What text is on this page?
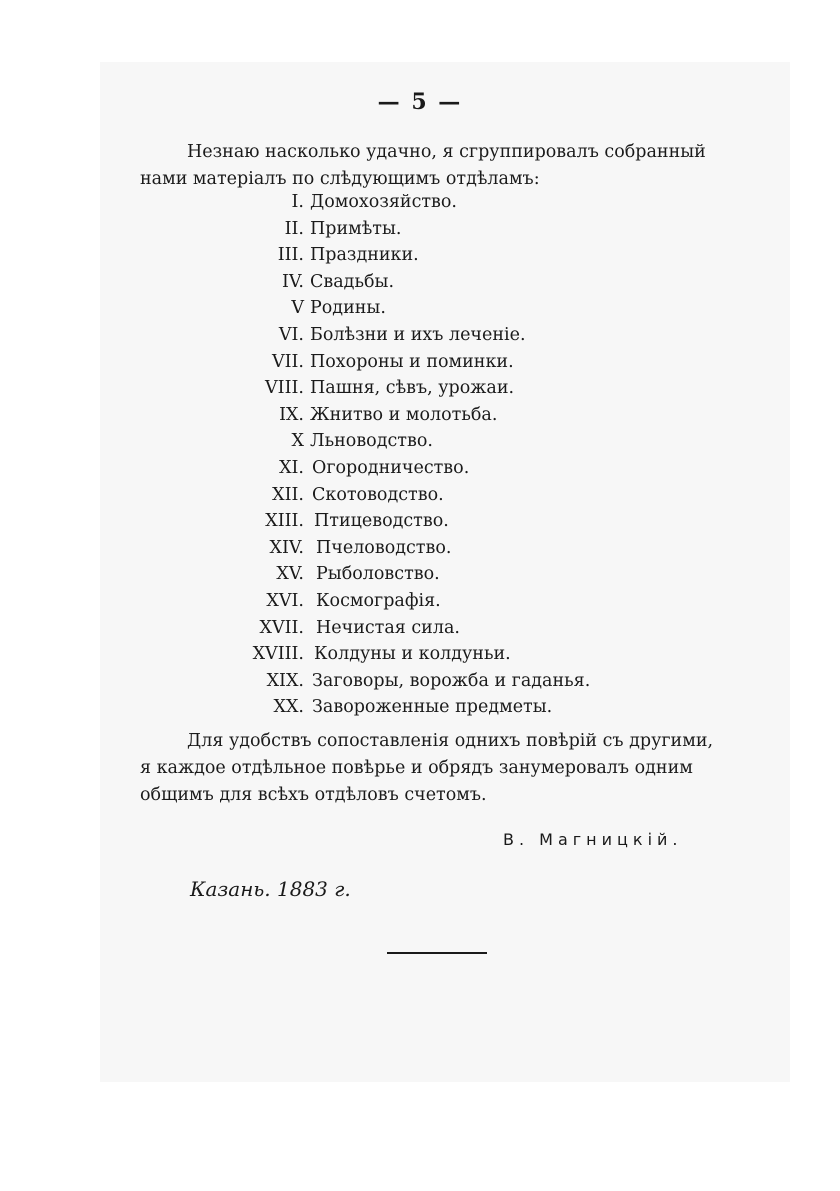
— 5 —
Незнаю насколько удачно, я сгруппировалъ собранный
нами матеріалъ по слѣдующимъ отдѣламъ:
I. Домохозяйство.
II. Примѣты.
III. Праздники.
IV. Свадьбы.
V Родины.
VI. Болѣзни и ихъ леченіе.
VII. Похороны и поминки.
VIII. Пашня, сѣвъ, урожаи.
IX. Жнитво и молотьба.
X Льноводство.
XI. Огородничество.
XII. Скотоводство.
XIII. Птицеводство.
XIV. Пчеловодство.
XV. Рыболовство.
XVI. Космографія.
XVII. Нечистая сила.
XVIII. Колдуны и колдуньи.
XIX. Заговоры, ворожба и гаданья.
XX. Завороженные предметы.
Для удобствъ сопоставленія однихъ повѣрій съ другими,
я каждое отдѣльное повѣрье и обрядъ занумеровалъ одним
общимъ для всѣхъ отдѣловъ счетомъ.
В. Магницкій.
Казань. 1883 г.
